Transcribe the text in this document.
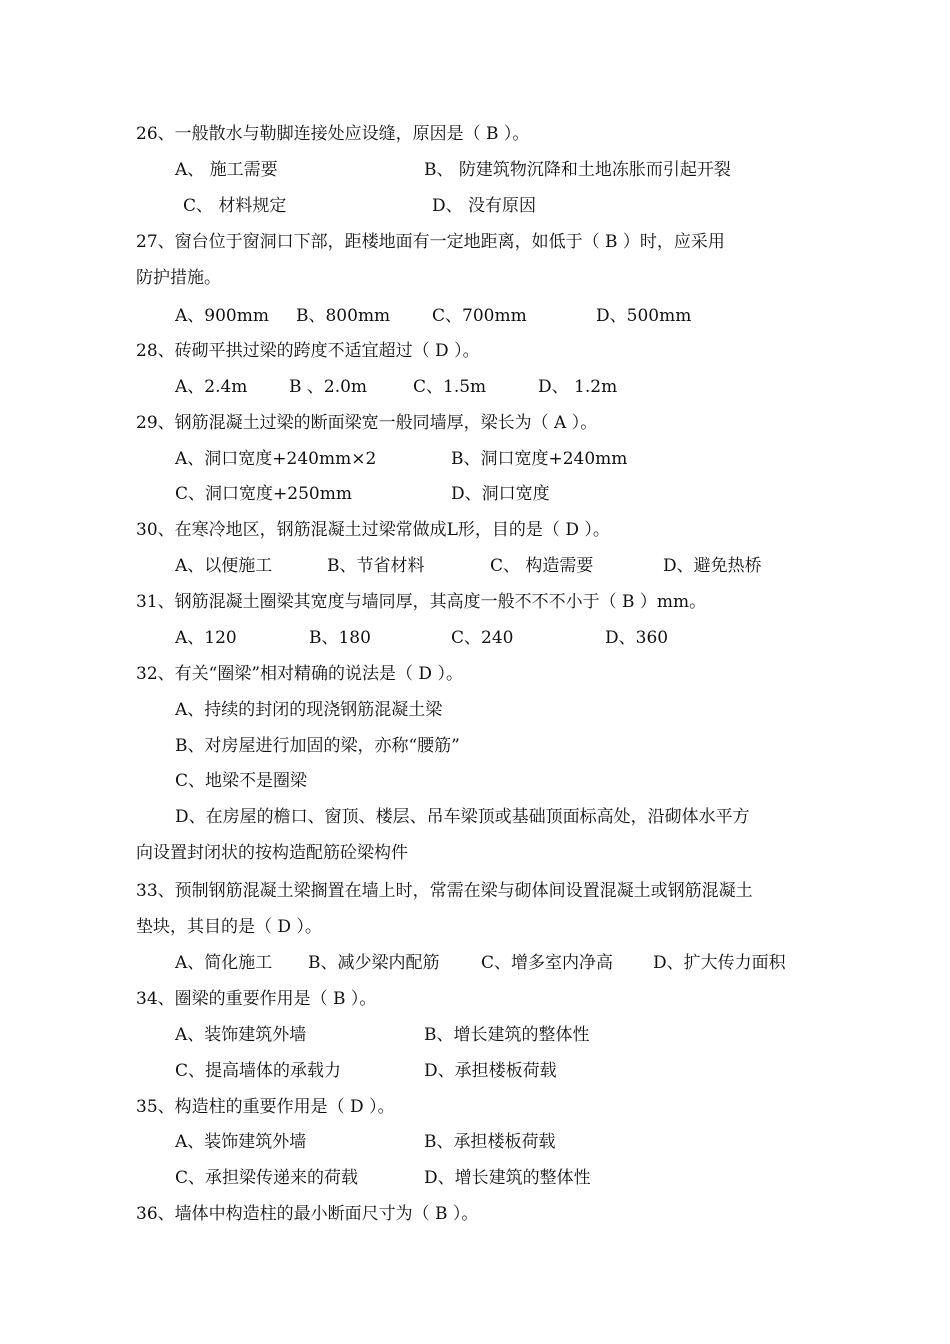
26、一般散水与勒脚连接处应设缝，原因是（ B ）。
A、 施工需要	B、 防建筑物沉降和土地冻胀而引起开裂
C、 材料规定	D、 没有原因
27、窗台位于窗洞口下部，距楼地面有一定地距离，如低于（ B ）时，应采用
防护措施。
A、900mm B、800mm C、700mm	D、500mm
28、砖砌平拱过梁的跨度不适宜超过（ D ）。
A、2.4m B 、2.0m	C、1.5m	D、 1.2m
29、钢筋混凝土过梁的断面梁宽一般同墙厚，梁长为（ A ）。
A、洞口宽度+240mm×2	B、洞口宽度+240mm
C、洞口宽度+250mm	D、洞口宽度
30、在寒冷地区，钢筋混凝土过梁常做成L形，目的是（ D ）。
A、以便施工	B、节省材料	C、 构造需要	D、避免热桥
31、钢筋混凝土圈梁其宽度与墙同厚，其高度一般不不不小于（ B ）mm。
A、120	B、180	C、240	D、360
32、有关“圈梁”相对精确的说法是（ D ）。
A、持续的封闭的现浇钢筋混凝土梁
B、对房屋进行加固的梁，亦称“腰筋”
C、地梁不是圈梁
D、在房屋的檐口、窗顶、楼层、吊车梁顶或基础顶面标高处，沿砌体水平方
向设置封闭状的按构造配筋砼梁构件
33、预制钢筋混凝土梁搁置在墙上时，常需在梁与砌体间设置混凝土或钢筋混凝土
垫块，其目的是（ D ）。
A、简化施工 B、减少梁内配筋 C、增多室内净高 D、扩大传力面积
34、圈梁的重要作用是（ B ）。
A、装饰建筑外墙	B、增长建筑的整体性
C、提高墙体的承载力	D、承担楼板荷载
35、构造柱的重要作用是（ D ）。
A、装饰建筑外墙	B、承担楼板荷载
C、承担梁传递来的荷载	D、增长建筑的整体性
36、墙体中构造柱的最小断面尺寸为（ B ）。
